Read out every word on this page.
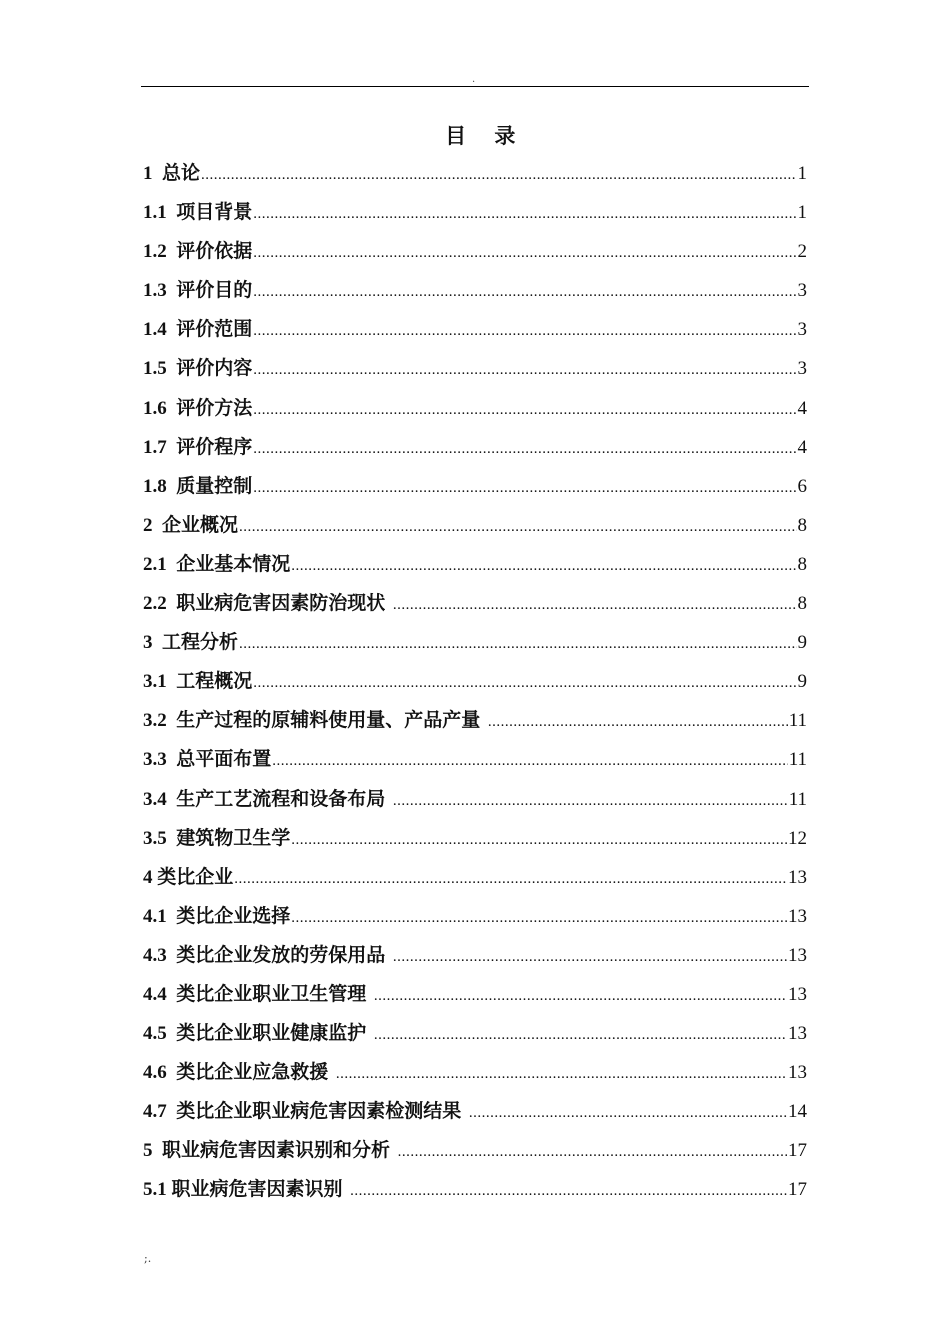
.
目 录
1 总论 .....	1
1.1 项目背景 .....	1
1.2 评价依据 .....	2
1.3 评价目的 .....	3
1.4 评价范围 .....	3
1.5 评价内容 .....	3
1.6 评价方法 .....	4
1.7 评价程序 .....	4
1.8 质量控制 .....	6
2 企业概况 .....	8
2.1 企业基本情况 .....	8
2.2 职业病危害因素防治现状 .....	8
3 工程分析 .....	9
3.1 工程概况 .....	9
3.2 生产过程的原辅料使用量、产品产量 .....	11
3.3 总平面布置 .....	11
3.4 生产工艺流程和设备布局 .....	11
3.5 建筑物卫生学 .....	12
4 类比企业 .....	13
4.1 类比企业选择 .....	13
4.3 类比企业发放的劳保用品 .....	13
4.4 类比企业职业卫生管理 .....	13
4.5 类比企业职业健康监护 .....	13
4.6 类比企业应急救援 .....	13
4.7 类比企业职业病危害因素检测结果 .....	14
5 职业病危害因素识别和分析 .....	17
5.1 职业病危害因素识别 .....	17
;.
